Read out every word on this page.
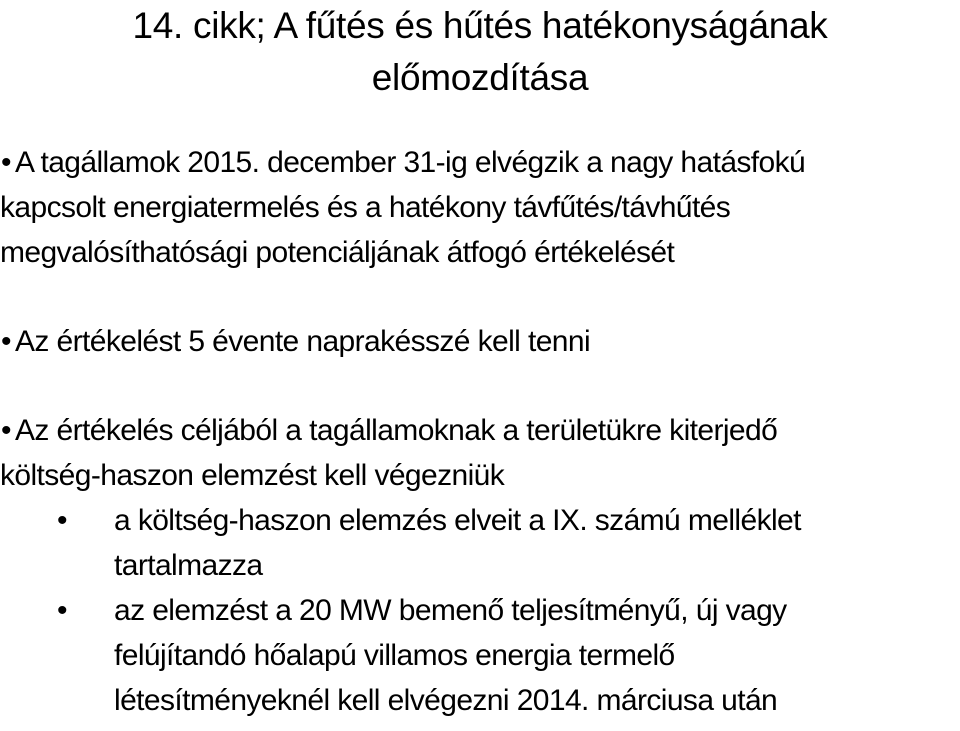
14. cikk; A fűtés és hűtés hatékonyságának
előmozdítása
• A tagállamok 2015. december 31-ig elvégzik a nagy hatásfokú
kapcsolt energiatermelés és a hatékony távfűtés/távhűtés
megvalósíthatósági potenciáljának átfogó értékelését
• Az értékelést 5 évente naprakésszé kell tenni
• Az értékelés céljából a tagállamoknak a területükre kiterjedő
költség-haszon elemzést kell végezniük
• a költség-haszon elemzés elveit a IX. számú melléklet
tartalmazza
• az elemzést a 20 MW bemenő teljesítményű, új vagy
felújítandó hőalapú villamos energia termelő
létesítményeknél kell elvégezni 2014. márciusa után
